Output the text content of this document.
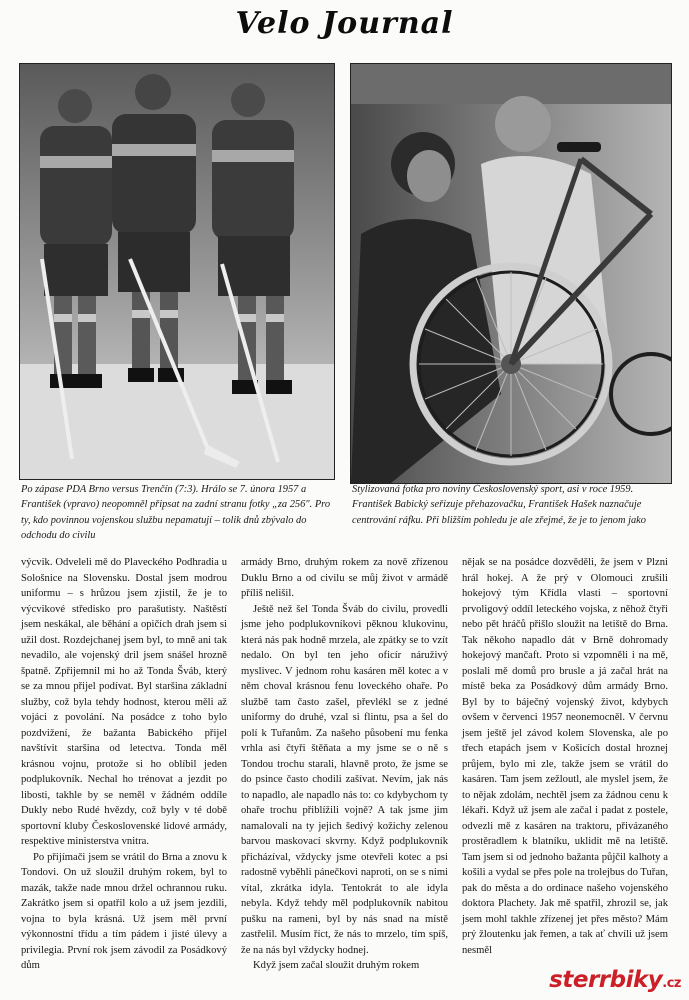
Velo Journal
Po zápase PDA Brno versus Trenčín (7:3). Hrálo se 7. února 1957 a František (vpravo) neopomněl připsat na zadní stranu fotky „za 256". Pro ty, kdo povinnou vojenskou službu nepamatují – tolik dnů zbývalo do odchodu do civilu
Stylizovaná fotka pro noviny Československý sport, asi v roce 1959. František Babický seřizuje přehazovačku, František Hašek naznačuje centrování ráfku. Při bližším pohledu je ale zřejmé, že je to jenom jako

výcvik. Odveleli mě do Plaveckého Podhradia u Sološnice na Slovensku. Dostal jsem modrou uniformu – s hrůzou jsem zjistil, že je to výcvikové středisko pro parašutisty. Naštěstí jsem neskákal, ale běhání a opičích drah jsem si užil dost. Rozdejchanej jsem byl, to mně ani tak nevadilo, ale vojenský dril jsem snášel hrozně špatně. Zpřijemnil mi ho až Tonda Šváb, který se za mnou přijel podívat. Byl staršina základní služby, což byla tehdy hodnost, kterou měli až vojáci z povolání. Na posádce z toho bylo pozdvižení, že bažanta Babického přijel navštívit staršina od letectva. Tonda měl krásnou vojnu, protože si ho oblíbil jeden podplukovník. Nechal ho trénovat a jezdit po libosti, takhle by se neměl v žádném oddíle Dukly nebo Rudé hvězdy, což byly v té době sportovní kluby Československé lidové armády, respektive ministerstva vnitra.

Po přijímači jsem se vrátil do Brna a znovu k Tondovi. On už sloužil druhým rokem, byl to mazák, takže nade mnou držel ochrannou ruku. Zakrátko jsem si opatřil kolo a už jsem jezdili, vojna to byla krásná. Už jsem měl první výkonnostní třídu a tím pádem i jisté úlevy a privilegia. První rok jsem závodil za Posádkový dům

armády Brno, druhým rokem za nově zřízenou Duklu Brno a od civilu se můj život v armádě příliš nelišil.

Ještě než šel Tonda Šváb do civilu, provedli jsme jeho podplukovníkovi pěknou klukovinu, která nás pak hodně mrzela, ale zpátky se to vzít nedalo. On byl ten jeho oficír náruživý myslivec. V jednom rohu kasáren měl kotec a v něm choval krásnou fenu loveckého ohaře. Po službě tam často zašel, převlékl se z jedné uniformy do druhé, vzal si flintu, psa a šel do polí k Tuřanům. Za našeho působení mu fenka vrhla asi čtyři štěňata a my jsme se o ně s Tondou trochu starali, hlavně proto, že jsme se do psince často chodili zašívat. Nevím, jak nás to napadlo, ale napadlo nás to: co kdybychom ty ohaře trochu přiblížili vojně? A tak jsme jim namalovali na ty jejich šedivý kožichy zelenou barvou maskovací skvrny. Když podplukovník přicházíval, vždycky jsme otevřeli kotec a psi radostně vyběhli pánečkovi naproti, on se s nimi vítal, zkrátka idyla. Tentokrát to ale idyla nebyla. Když tehdy měl podplukovník nabitou pušku na rameni, byl by nás snad na místě zastřelil. Musím říct, že nás to mrzelo, tím spíš, že na nás byl vždycky hodnej.

Když jsem začal sloužit druhým rokem

nějak se na posádce dozvěděli, že jsem v Plzni hrál hokej. A že prý v Olomouci zrušili hokejový tým Křídla vlasti – sportovní prvoligový oddíl leteckého vojska, z něhož čtyři nebo pět hráčů přišlo sloužit na letiště do Brna. Tak někoho napadlo dát v Brně dohromady hokejový mančaft. Proto si vzpomněli i na mě, poslali mě domů pro brusle a já začal hrát na místě beka za Posádkový dům armády Brno. Byl by to báječný vojenský život, kdybych ovšem v červenci 1957 neonemocněl. V červnu jsem ještě jel závod kolem Slovenska, ale po třech etapách jsem v Košicích dostal hroznej průjem, bylo mi zle, takže jsem se vrátil do kasáren. Tam jsem zežloutl, ale myslel jsem, že to nějak zdolám, nechtěl jsem za žádnou cenu k lékaři. Když už jsem ale začal i padat z postele, odvezli mě z kasáren na traktoru, přivázaného prostěradlem k blatníku, uklidit mě na letiště. Tam jsem si od jednoho bažanta půjčil kalhoty a košili a vydal se přes pole na trolejbus do Tuřan, pak do města a do ordinace našeho vojenského doktora Plachety. Jak mě spatřil, zhrozil se, jak jsem mohl takhle zřízenej jet přes město? Mám prý žloutenku jak řemen, a tak ať chvíli už jsem nesměl

sterrbiky.cz
